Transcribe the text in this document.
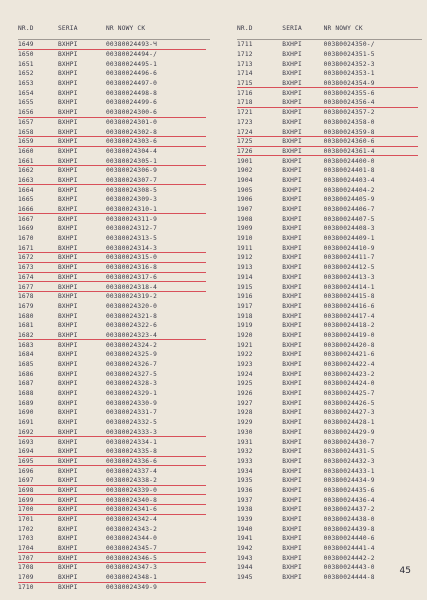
NR.D	SERIA	NR NOWY CK
1649	BXHPI	0038002449З-Ч
1650	BXHPI	00380024494-/
1651	BXHPI	00380024495-1
1652	BXHPI	00380024496-6
1653	BXHPI	00380024497-0
1654	BXHPI	00380024498-8
1655	BXHPI	00380024499-6
1656	BXHPI	00380024300-6
1657	BXHPI	00380024301-0
1658	BXHPI	00380024302-8
1659	BXHPI	00380024303-6
1660	BXHPI	00380024304-4
1661	BXHPI	00380024305-1
1662	BXHPI	00380024306-9
1663	BXHPI	00380024307-7
1664	BXHPI	00380024308-5
1665	BXHPI	00380024309-3
1666	BXHPI	00380024310-1
1667	BXHPI	00380024311-9
1669	BXHPI	00380024312-7
1670	BXHPI	00380024313-5
1671	BXHPI	00380024314-3
1672	BXHPI	00380024315-0
1673	BXHPI	00380024316-8
1674	BXHPI	00380024317-6
1677	BXHPI	00380024318-4
1678	BXHPI	00380024319-2
1679	BXHPI	00380024320-0
1680	BXHPI	00380024321-8
1681	BXHPI	00380024322-6
1682	BXHPI	00380024323-4
1683	BXHPI	00380024324-2
1684	BXHPI	00380024325-9
1685	BXHPI	00380024326-7
1686	BXHPI	00380024327-5
1687	BXHPI	00380024328-3
1688	BXHPI	00380024329-1
1689	BXHPI	00380024330-9
1690	BXHPI	00380024331-7
1691	BXHPI	00380024332-5
1692	BXHPI	00380024333-3
1693	BXHPI	00380024334-1
1694	BXHPI	00380024335-8
1695	BXHPI	00380024336-6
1696	BXHPI	00380024337-4
1697	BXHPI	00380024338-2
1698	BXHPI	00380024339-0
1699	BXHPI	00380024340-8
1700	BXHPI	00380024341-6
1701	BXHPI	00380024342-4
1702	BXHPI	00380024343-2
1703	BXHPI	00380024344-0
1704	BXHPI	00380024345-7
1707	BXHPI	00380024346-5
1708	BXHPI	00380024347-3
1709	BXHPI	00380024348-1
1710	BXHPI	00380024349-9
NR.D	SERIA	NR NOWY CK
1711	BXHPI	00380024350-/
1712	BXHPI	00380024351-5
1713	BXHPI	00380024352-3
1714	BXHPI	00380024353-1
1715	BXHPI	00380024354-9
1716	BXHPI	00380024355-6
1718	BXHPI	00380024356-4
1721	BXHPI	00380024357-2
1723	BXHPI	00380024358-0
1724	BXHPI	00380024359-8
1725	BXHPI	00380024360-6
1726	BXHPI	00380024361-4
1901	BXHPI	00380024400-0
1902	BXHPI	00380024401-8
1904	BXHPI	00380024403-4
1905	BXHPI	00380024404-2
1906	BXHPI	00380024405-9
1907	BXHPI	00380024406-7
1908	BXHPI	00380024407-5
1909	BXHPI	00380024408-3
1910	BXHPI	00380024409-1
1911	BXHPI	00380024410-9
1912	BXHPI	00380024411-7
1913	BXHPI	00380024412-5
1914	BXHPI	00380024413-3
1915	BXHPI	00380024414-1
1916	BXHPI	00380024415-8
1917	BXHPI	00380024416-6
1918	BXHPI	00380024417-4
1919	BXHPI	00380024418-2
1920	BXHPI	00380024419-0
1921	BXHPI	00380024420-8
1922	BXHPI	00380024421-6
1923	BXHPI	00380024422-4
1924	BXHPI	00380024423-2
1925	BXHPI	00380024424-0
1926	BXHPI	00380024425-7
1927	BXHPI	00380024426-5
1928	BXHPI	00380024427-3
1929	BXHPI	00380024428-1
1930	BXHPI	00380024429-9
1931	BXHPI	00380024430-7
1932	BXHPI	00380024431-5
1933	BXHPI	00380024432-3
1934	BXHPI	00380024433-1
1935	BXHPI	00380024434-9
1936	BXHPI	00380024435-6
1937	BXHPI	00380024436-4
1938	BXHPI	00380024437-2
1939	BXHPI	00380024438-0
1940	BXHPI	00380024439-8
1941	BXHPI	00380024440-6
1942	BXHPI	00380024441-4
1943	BXHPI	00380024442-2
1944	BXHPI	00380024443-0
1945	BXHPI	00380024444-8
45
